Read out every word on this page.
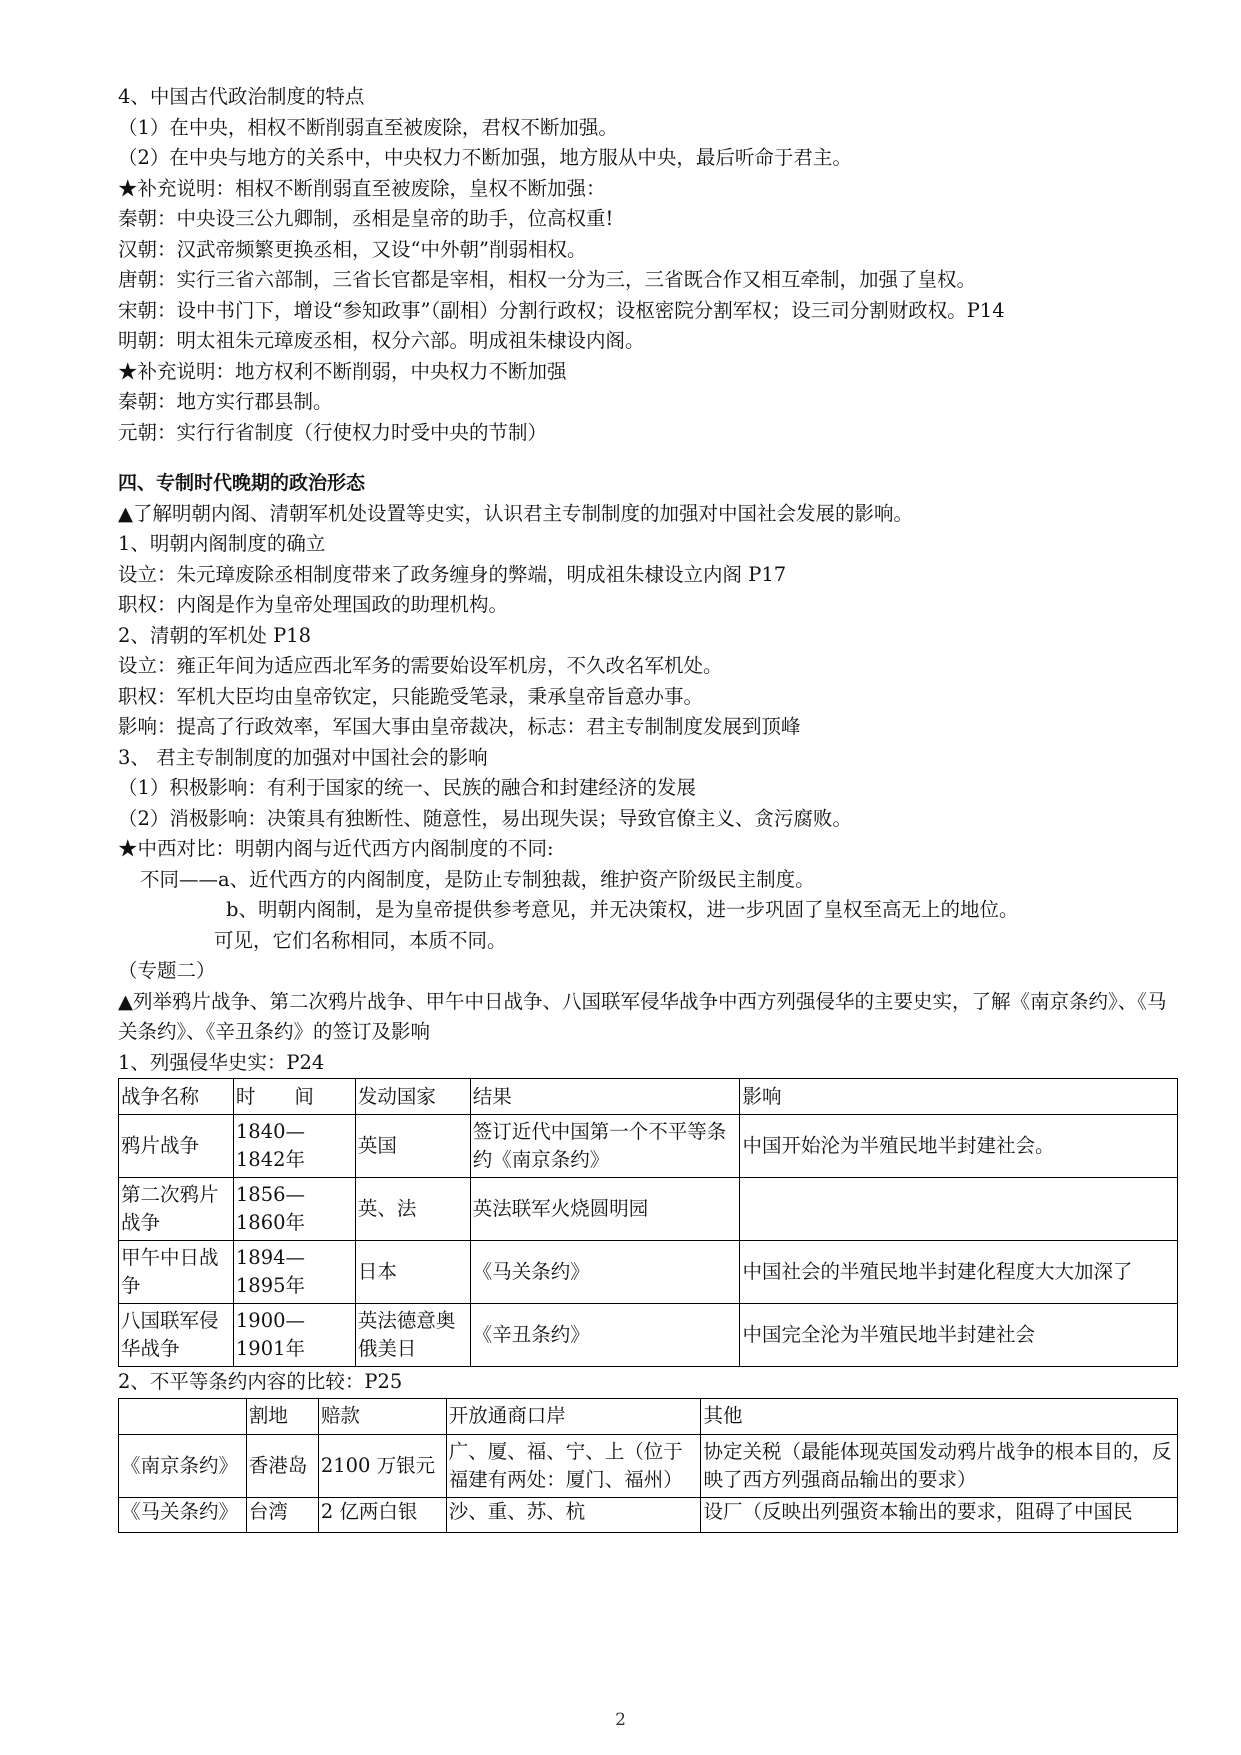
4、中国古代政治制度的特点
（1）在中央，相权不断削弱直至被废除，君权不断加强。
（2）在中央与地方的关系中，中央权力不断加强，地方服从中央，最后听命于君主。
★补充说明：相权不断削弱直至被废除，皇权不断加强：
秦朝：中央设三公九卿制，丞相是皇帝的助手，位高权重!
汉朝：汉武帝频繁更换丞相，又设“中外朝”削弱相权。
唐朝：实行三省六部制，三省长官都是宰相，相权一分为三，三省既合作又相互牵制，加强了皇权。
宋朝：设中书门下，增设“参知政事”（副相）分割行政权；设枢密院分割军权；设三司分割财政权。P14
明朝：明太祖朱元璋废丞相，权分六部。明成祖朱棣设内阁。
★补充说明：地方权利不断削弱，中央权力不断加强
秦朝：地方实行郡县制。
元朝：实行行省制度（行使权力时受中央的节制）
四、专制时代晚期的政治形态
▲了解明朝内阁、清朝军机处设置等史实，认识君主专制制度的加强对中国社会发展的影响。
1、明朝内阁制度的确立
设立：朱元璋废除丞相制度带来了政务缠身的弊端，明成祖朱棣设立内阁 P17
职权：内阁是作为皇帝处理国政的助理机构。
2、清朝的军机处 P18
设立：雍正年间为适应西北军务的需要始设军机房，不久改名军机处。
职权：军机大臣均由皇帝钦定，只能跪受笔录，秉承皇帝旨意办事。
影响：提高了行政效率，军国大事由皇帝裁决，标志：君主专制制度发展到顶峰
3、 君主专制制度的加强对中国社会的影响
（1）积极影响：有利于国家的统一、民族的融合和封建经济的发展
（2）消极影响：决策具有独断性、随意性，易出现失误；导致官僚主义、贪污腐败。
★中西对比：明朝内阁与近代西方内阁制度的不同:
不同——a、近代西方的内阁制度，是防止专制独裁，维护资产阶级民主制度。
b、明朝内阁制，是为皇帝提供参考意见，并无决策权，进一步巩固了皇权至高无上的地位。
可见，它们名称相同，本质不同。
（专题二）
▲列举鸦片战争、第二次鸦片战争、甲午中日战争、八国联军侵华战争中西方列强侵华的主要史实，了解《南京条约》、《马关条约》、《辛丑条约》的签订及影响
1、列强侵华史实：P24
战争名称	时　　间	发动国家	结果	影响
鸦片战争	1840—1842年	英国	签订近代中国第一个不平等条约《南京条约》	中国开始沦为半殖民地半封建社会。
第二次鸦片战争	1856—1860年	英、法	英法联军火烧圆明园	
甲午中日战争	1894—1895年	日本	《马关条约》	中国社会的半殖民地半封建化程度大大加深了
八国联军侵华战争	1900—1901年	英法德意奥俄美日	《辛丑条约》	中国完全沦为半殖民地半封建社会
2、不平等条约内容的比较：P25
	割地	赔款	开放通商口岸	其他
《南京条约》	香港岛	2100 万银元	广、厦、福、宁、上（位于福建有两处：厦门、福州）	协定关税（最能体现英国发动鸦片战争的根本目的，反映了西方列强商品输出的要求）
《马关条约》	台湾	2 亿两白银	沙、重、苏、杭	设厂（反映出列强资本输出的要求，阻碍了中国民
2
